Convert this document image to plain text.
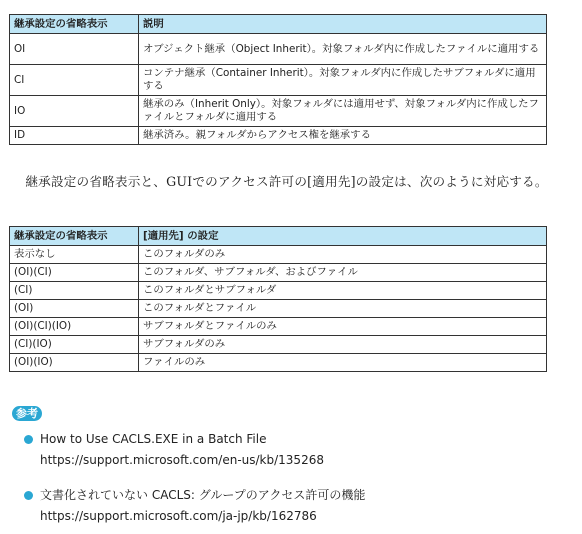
継承設定の省略表示	説明
OI	オブジェクト継承（Object Inherit）。対象フォルダ内に作成したファイルに適用する
CI	コンテナ継承（Container Inherit）。対象フォルダ内に作成したサブフォルダに適用する
IO	継承のみ（Inherit Only）。対象フォルダには適用せず、対象フォルダ内に作成したファイルとフォルダに適用する
ID	継承済み。親フォルダからアクセス権を継承する

継承設定の省略表示と、GUIでのアクセス許可の[適用先]の設定は、次のように対応する。

継承設定の省略表示	[適用先] の設定
表示なし	このフォルダのみ
(OI)(CI)	このフォルダ、サブフォルダ、およびファイル
(CI)	このフォルダとサブフォルダ
(OI)	このフォルダとファイル
(OI)(CI)(IO)	サブフォルダとファイルのみ
(CI)(IO)	サブフォルダのみ
(OI)(IO)	ファイルのみ
参考
How to Use CACLS.EXE in a Batch File
https://support.microsoft.com/en-us/kb/135268
文書化されていない CACLS: グループのアクセス許可の機能
https://support.microsoft.com/ja-jp/kb/162786
